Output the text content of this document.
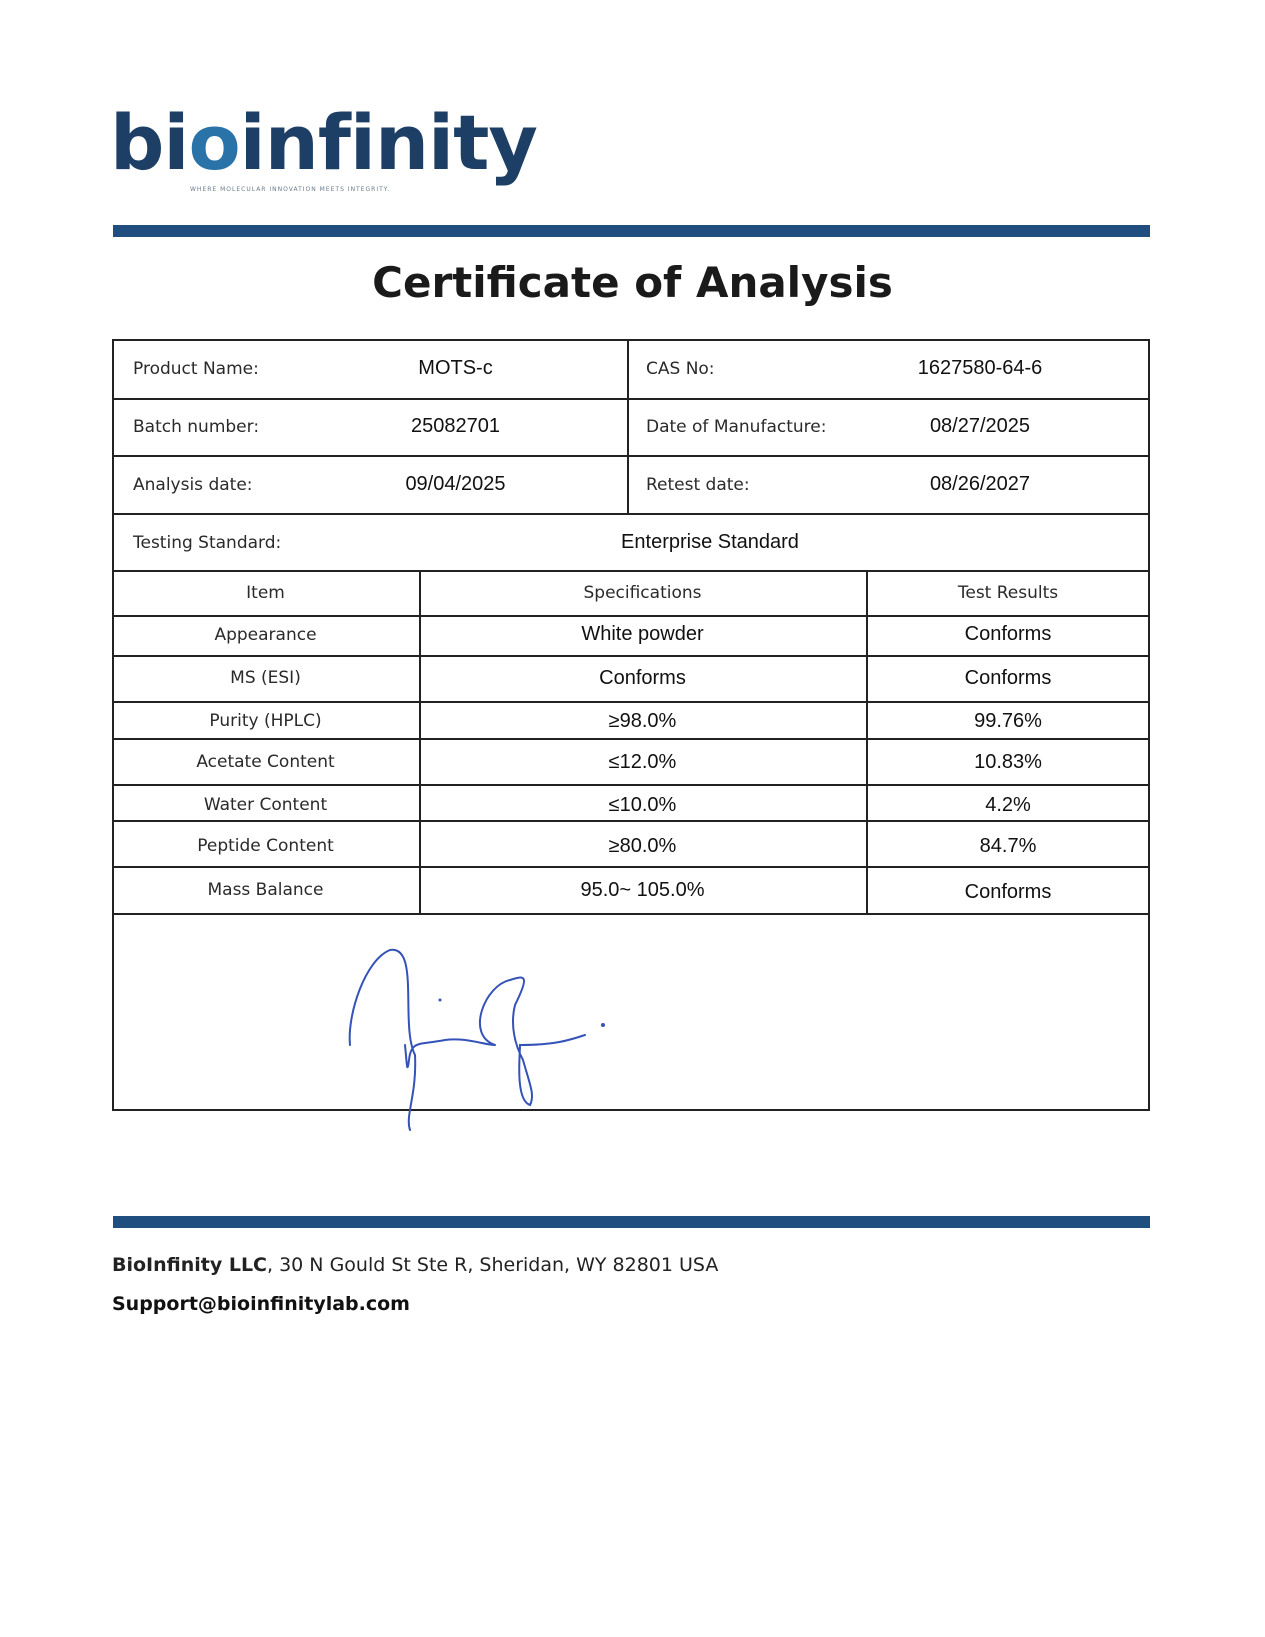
bioinfinity
WHERE MOLECULAR INNOVATION MEETS INTEGRITY.
Certificate of Analysis
Product Name:	MOTS-c	CAS No:	1627580-64-6
Batch number:	25082701	Date of Manufacture:	08/27/2025
Analysis date:	09/04/2025	Retest date:	08/26/2027
Testing Standard:	Enterprise Standard
Item	Specifications	Test Results
Appearance	White powder	Conforms
MS (ESI)	Conforms	Conforms
Purity (HPLC)	≥98.0%	99.76%
Acetate Content	≤12.0%	10.83%
Water Content	≤10.0%	4.2%
Peptide Content	≥80.0%	84.7%
Mass Balance	95.0~ 105.0%	Conforms
BioInfinity LLC, 30 N Gould St Ste R, Sheridan, WY 82801 USA
Support@bioinfinitylab.com
